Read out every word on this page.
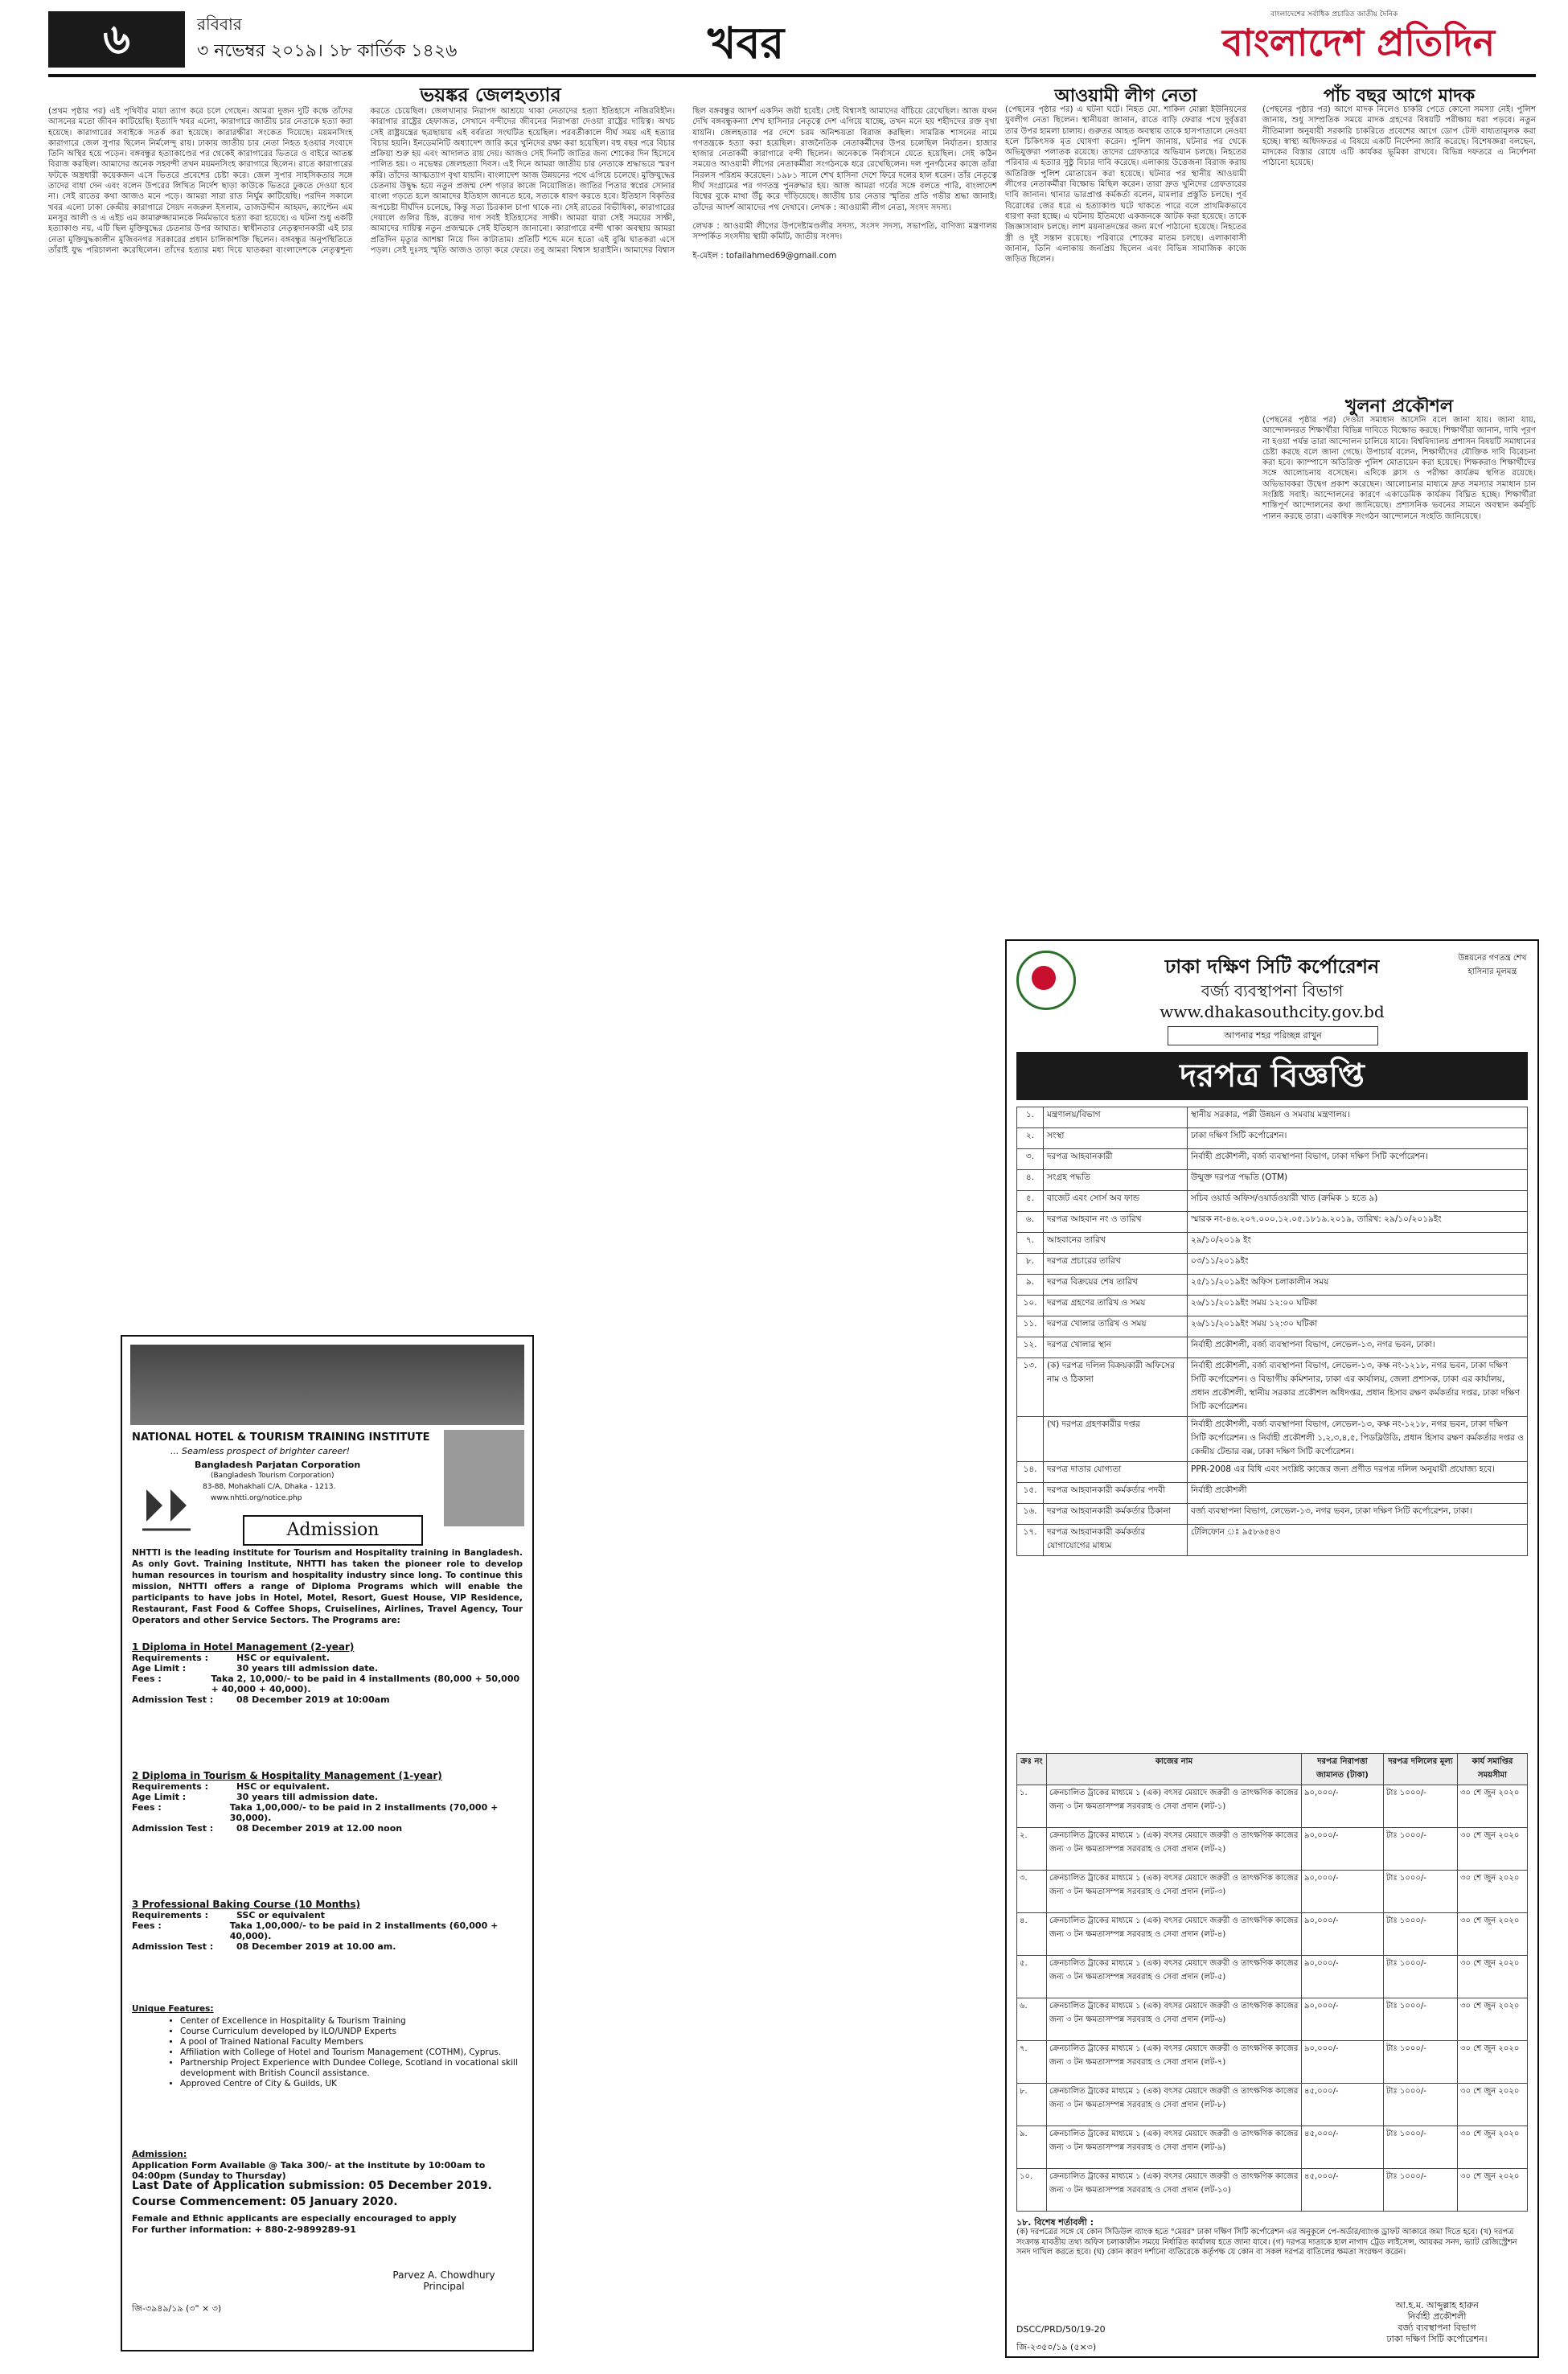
৬	রবিবার
৩ নভেম্বর ২০১৯। ১৮ কার্তিক ১৪২৬	খবর
বাংলাদেশের সর্বাধিক প্রচারিত জাতীয় দৈনিক
বাংলাদেশ প্রতিদিন
ভয়ঙ্কর জেলহত্যার
(প্রথম পৃষ্ঠার পর) এই পৃথিবীর মায়া ত্যাগ করে চলে গেছেন। আমরা দুজন দুটি কক্ষে তাঁদের আসনের মতো জীবন কাটিয়েছি। ইত্যাদি খবর এলো, কারাগারে জাতীয় চার নেতাকে হত্যা করা হয়েছে। কারাগারের সবাইকে সতর্ক করা হয়েছে। কারারক্ষীরা সংকেত দিয়েছে। ময়মনসিংহ কারাগারে জেল সুপার ছিলেন নির্মলেন্দু রায়। ঢাকায় জাতীয় চার নেতা নিহত হওয়ার সংবাদে তিনি অস্থির হয়ে পড়েন। বঙ্গবন্ধুর হত্যাকাণ্ডের পর থেকেই কারাগারের ভিতরে ও বাইরে আতঙ্ক বিরাজ করছিল। আমাদের অনেক সহবন্দী তখন ময়মনসিংহ কারাগারে ছিলেন। রাতে কারাগারের ফটকে অস্ত্রধারী কয়েকজন এসে ভিতরে প্রবেশের চেষ্টা করে। জেল সুপার সাহসিকতার সঙ্গে তাদের বাধা দেন এবং বলেন উপরের লিখিত নির্দেশ ছাড়া কাউকে ভিতরে ঢুকতে দেওয়া হবে না। সেই রাতের কথা আজও মনে পড়ে। আমরা সারা রাত নির্ঘুম কাটিয়েছি। পরদিন সকালে খবর এলো ঢাকা কেন্দ্রীয় কারাগারে সৈয়দ নজরুল ইসলাম, তাজউদ্দীন আহমদ, ক্যাপ্টেন এম মনসুর আলী ও এ এইচ এম কামারুজ্জামানকে নির্মমভাবে হত্যা করা হয়েছে। এ ঘটনা শুধু একটি হত্যাকাণ্ড নয়, এটি ছিল মুক্তিযুদ্ধের চেতনার উপর আঘাত। স্বাধীনতার নেতৃত্বদানকারী এই চার নেতা মুক্তিযুদ্ধকালীন মুজিবনগর সরকারের প্রধান চালিকাশক্তি ছিলেন। বঙ্গবন্ধুর অনুপস্থিতিতে তাঁরাই যুদ্ধ পরিচালনা করেছিলেন। তাঁদের হত্যার মধ্য দিয়ে ঘাতকরা বাংলাদেশকে নেতৃত্বশূন্য করতে চেয়েছিল। জেলখানার নিরাপদ আশ্রয়ে থাকা নেতাদের হত্যা ইতিহাসে নজিরবিহীন। কারাগার রাষ্ট্রের হেফাজত, সেখানে বন্দীদের জীবনের নিরাপত্তা দেওয়া রাষ্ট্রের দায়িত্ব। অথচ সেই রাষ্ট্রযন্ত্রের ছত্রছায়ায় এই বর্বরতা সংঘটিত হয়েছিল। পরবর্তীকালে দীর্ঘ সময় এই হত্যার বিচার হয়নি। ইনডেমনিটি অধ্যাদেশ জারি করে খুনিদের রক্ষা করা হয়েছিল। বহু বছর পরে বিচার প্রক্রিয়া শুরু হয় এবং আদালত রায় দেয়। আজও সেই দিনটি জাতির জন্য শোকের দিন হিসেবে পালিত হয়। ৩ নভেম্বর জেলহত্যা দিবস। এই দিনে আমরা জাতীয় চার নেতাকে শ্রদ্ধাভরে স্মরণ করি। তাঁদের আত্মত্যাগ বৃথা যায়নি। বাংলাদেশ আজ উন্নয়নের পথে এগিয়ে চলেছে। মুক্তিযুদ্ধের চেতনায় উদ্বুদ্ধ হয়ে নতুন প্রজন্ম দেশ গড়ার কাজে নিয়োজিত। জাতির পিতার স্বপ্নের সোনার বাংলা গড়তে হলে আমাদের ইতিহাস জানতে হবে, সত্যকে ধারণ করতে হবে। ইতিহাস বিকৃতির অপচেষ্টা দীর্ঘদিন চলেছে, কিন্তু সত্য চিরকাল চাপা থাকে না। সেই রাতের বিভীষিকা, কারাগারের দেয়ালে গুলির চিহ্ন, রক্তের দাগ সবই ইতিহাসের সাক্ষী। আমরা যারা সেই সময়ের সাক্ষী, আমাদের দায়িত্ব নতুন প্রজন্মকে সেই ইতিহাস জানানো। কারাগারে বন্দী থাকা অবস্থায় আমরা প্রতিদিন মৃত্যুর আশঙ্কা নিয়ে দিন কাটাতাম। প্রতিটি শব্দে মনে হতো এই বুঝি ঘাতকরা এসে পড়ল। সেই দুঃসহ স্মৃতি আজও তাড়া করে ফেরে। তবু আমরা বিশ্বাস হারাইনি। আমাদের বিশ্বাস ছিল বঙ্গবন্ধুর আদর্শ একদিন জয়ী হবেই। সেই বিশ্বাসই আমাদের বাঁচিয়ে রেখেছিল। আজ যখন দেখি বঙ্গবন্ধুকন্যা শেখ হাসিনার নেতৃত্বে দেশ এগিয়ে যাচ্ছে, তখন মনে হয় শহীদদের রক্ত বৃথা যায়নি। জেলহত্যার পর দেশে চরম অনিশ্চয়তা বিরাজ করছিল। সামরিক শাসনের নামে গণতন্ত্রকে হত্যা করা হয়েছিল। রাজনৈতিক নেতাকর্মীদের উপর চলেছিল নির্যাতন। হাজার হাজার নেতাকর্মী কারাগারে বন্দী ছিলেন। অনেককে নির্বাসনে যেতে হয়েছিল। সেই কঠিন সময়েও আওয়ামী লীগের নেতাকর্মীরা সংগঠনকে ধরে রেখেছিলেন। দল পুনর্গঠনের কাজে তাঁরা নিরলস পরিশ্রম করেছেন। ১৯৮১ সালে শেখ হাসিনা দেশে ফিরে দলের হাল ধরেন। তাঁর নেতৃত্বে দীর্ঘ সংগ্রামের পর গণতন্ত্র পুনরুদ্ধার হয়। আজ আমরা গর্বের সঙ্গে বলতে পারি, বাংলাদেশ বিশ্বের বুকে মাথা উঁচু করে দাঁড়িয়েছে। জাতীয় চার নেতার স্মৃতির প্রতি গভীর শ্রদ্ধা জানাই। তাঁদের আদর্শ আমাদের পথ দেখাবে। লেখক : আওয়ামী লীগ নেতা, সংসদ সদস্য।

লেখক : আওয়ামী লীগের উপদেষ্টামণ্ডলীর সদস্য, সংসদ সদস্য, সভাপতি, বাণিজ্য মন্ত্রণালয় সম্পর্কিত সংসদীয় স্থায়ী কমিটি, জাতীয় সংসদ।

ই-মেইল : tofailahmed69@gmail.com

আওয়ামী লীগ নেতা
(পেছনের পৃষ্ঠার পর) এ ঘটনা ঘটে। নিহত মো. শাকিল মোল্লা ইউনিয়নের যুবলীগ নেতা ছিলেন। স্থানীয়রা জানান, রাতে বাড়ি ফেরার পথে দুর্বৃত্তরা তার উপর হামলা চালায়। গুরুতর আহত অবস্থায় তাকে হাসপাতালে নেওয়া হলে চিকিৎসক মৃত ঘোষণা করেন। পুলিশ জানায়, ঘটনার পর থেকে অভিযুক্তরা পলাতক রয়েছে। তাদের গ্রেফতারে অভিযান চলছে। নিহতের পরিবার এ হত্যার সুষ্ঠু বিচার দাবি করেছে। এলাকায় উত্তেজনা বিরাজ করায় অতিরিক্ত পুলিশ মোতায়েন করা হয়েছে। ঘটনার পর স্থানীয় আওয়ামী লীগের নেতাকর্মীরা বিক্ষোভ মিছিল করেন। তারা দ্রুত খুনিদের গ্রেফতারের দাবি জানান। থানার ভারপ্রাপ্ত কর্মকর্তা বলেন, মামলার প্রস্তুতি চলছে। পূর্ব বিরোধের জের ধরে এ হত্যাকাণ্ড ঘটে থাকতে পারে বলে প্রাথমিকভাবে ধারণা করা হচ্ছে। এ ঘটনায় ইতিমধ্যে একজনকে আটক করা হয়েছে। তাকে জিজ্ঞাসাবাদ চলছে। লাশ ময়নাতদন্তের জন্য মর্গে পাঠানো হয়েছে। নিহতের স্ত্রী ও দুই সন্তান রয়েছে। পরিবারে শোকের মাতম চলছে। এলাকাবাসী জানান, তিনি এলাকায় জনপ্রিয় ছিলেন এবং বিভিন্ন সামাজিক কাজে জড়িত ছিলেন।
পাঁচ বছর আগে মাদক
(পেছনের পৃষ্ঠার পর) আগে মাদক নিলেও চাকরি পেতে কোনো সমস্যা নেই। পুলিশ জানায়, শুধু সাম্প্রতিক সময়ে মাদক গ্রহণের বিষয়টি পরীক্ষায় ধরা পড়বে। নতুন নীতিমালা অনুযায়ী সরকারি চাকরিতে প্রবেশের আগে ডোপ টেস্ট বাধ্যতামূলক করা হচ্ছে। স্বাস্থ্য অধিদফতর এ বিষয়ে একটি নির্দেশনা জারি করেছে। বিশেষজ্ঞরা বলছেন, মাদকের বিস্তার রোধে এটি কার্যকর ভূমিকা রাখবে। বিভিন্ন দফতরে এ নির্দেশনা পাঠানো হয়েছে।
খুলনা প্রকৌশল
(পেছনের পৃষ্ঠার পর) দেওয়া সমাধান আসেনি বলে জানা যায়। জানা যায়, আন্দোলনরত শিক্ষার্থীরা বিভিন্ন দাবিতে বিক্ষোভ করছে। শিক্ষার্থীরা জানান, দাবি পূরণ না হওয়া পর্যন্ত তারা আন্দোলন চালিয়ে যাবে। বিশ্ববিদ্যালয় প্রশাসন বিষয়টি সমাধানের চেষ্টা করছে বলে জানা গেছে। উপাচার্য বলেন, শিক্ষার্থীদের যৌক্তিক দাবি বিবেচনা করা হবে। ক্যাম্পাসে অতিরিক্ত পুলিশ মোতায়েন করা হয়েছে। শিক্ষকরাও শিক্ষার্থীদের সঙ্গে আলোচনায় বসেছেন। এদিকে ক্লাস ও পরীক্ষা কার্যক্রম স্থগিত রয়েছে। অভিভাবকরা উদ্বেগ প্রকাশ করেছেন। আলোচনার মাধ্যমে দ্রুত সমস্যার সমাধান চান সংশ্লিষ্ট সবাই। আন্দোলনের কারণে একাডেমিক কার্যক্রম বিঘ্নিত হচ্ছে। শিক্ষার্থীরা শান্তিপূর্ণ আন্দোলনের কথা জানিয়েছে। প্রশাসনিক ভবনের সামনে অবস্থান কর্মসূচি পালন করছে তারা। একাধিক সংগঠন আন্দোলনে সংহতি জানিয়েছে।
ঢাকা দক্ষিণ সিটি কর্পোরেশন
বর্জ্য ব্যবস্থাপনা বিভাগ
www.dhakasouthcity.gov.bd
আপনার শহর পরিচ্ছন্ন রাখুন
উন্নয়নের গণতন্ত্র শেখ হাসিনার মূলমন্ত্র
দরপত্র বিজ্ঞপ্তি
১.	মন্ত্রণালয়/বিভাগ	স্থানীয় সরকার, পল্লী উন্নয়ন ও সমবায় মন্ত্রণালয়।
২.	সংস্থা	ঢাকা দক্ষিণ সিটি কর্পোরেশন।
৩.	দরপত্র আহবানকারী	নির্বাহী প্রকৌশলী, বর্জ্য ব্যবস্থাপনা বিভাগ, ঢাকা দক্ষিণ সিটি কর্পোরেশন।
৪.	সংগ্রহ পদ্ধতি	উন্মুক্ত দরপত্র পদ্ধতি (OTM)
৫.	বাজেট এবং সোর্স অব ফান্ড	সচিব ওয়ার্ড অফিস/ওয়ার্ডওয়ারী খাত (ক্রমিক ১ হতে ৯)
৬.	দরপত্র আহবান নং ও তারিখ	স্মারক নং-৪৬.২০৭.০০০.১২.০৫.১৮১৯.২০১৯, তারিখ: ২৯/১০/২০১৯ইং
৭.	আহবানের তারিখ	২৯/১০/২০১৯ ইং
৮.	দরপত্র প্রচারের তারিখ	০৩/১১/২০১৯ইং
৯.	দরপত্র বিক্রয়ের শেষ তারিখ	২৫/১১/২০১৯ইং অফিস চলাকালীন সময়
১০.	দরপত্র গ্রহণের তারিখ ও সময়	২৬/১১/২০১৯ইং সময় ১২:০০ ঘটিকা
১১.	দরপত্র খোলার তারিখ ও সময়	২৬/১১/২০১৯ইং সময় ১২:৩০ ঘটিকা
১২.	দরপত্র খোলার স্থান	নির্বাহী প্রকৌশলী, বর্জ্য ব্যবস্থাপনা বিভাগ, লেভেল-১৩, নগর ভবন, ঢাকা।
১৩.	(ক) দরপত্র দলিল বিক্রয়কারী অফিসের নাম ও ঠিকানা	নির্বাহী প্রকৌশলী, বর্জ্য ব্যবস্থাপনা বিভাগ, লেভেল-১৩, কক্ষ নং-১২১৮, নগর ভবন, ঢাকা দক্ষিণ সিটি কর্পোরেশন। ও বিভাগীয় কমিশনার, ঢাকা এর কার্যালয়, জেলা প্রশাসক, ঢাকা এর কার্যালয়, প্রধান প্রকৌশলী, স্থানীয় সরকার প্রকৌশল অধিদপ্তর, প্রধান হিসাব রক্ষণ কর্মকর্তার দপ্তর, ঢাকা দক্ষিণ সিটি কর্পোরেশন।
	(খ) দরপত্র গ্রহণকারীর দপ্তর	নির্বাহী প্রকৌশলী, বর্জ্য ব্যবস্থাপনা বিভাগ, লেভেল-১৩, কক্ষ নং-১২১৮, নগর ভবন, ঢাকা দক্ষিণ সিটি কর্পোরেশন। ও নির্বাহী প্রকৌশলী ১,২,৩,৪,৫, পিডব্লিউডি, প্রধান হিসাব রক্ষণ কর্মকর্তার দপ্তর ও কেন্দ্রীয় টেন্ডার বক্স, ঢাকা দক্ষিণ সিটি কর্পোরেশন।
১৪.	দরপত্র দাতার যোগ্যতা	PPR-2008 এর বিধি এবং সংশ্লিষ্ট কাজের জন্য প্রণীত দরপত্র দলিল অনুযায়ী প্রযোজ্য হবে।
১৫.	দরপত্র আহবানকারী কর্মকর্তার পদবী	নির্বাহী প্রকৌশলী
১৬.	দরপত্র আহবানকারী কর্মকর্তার ঠিকানা	বর্জ্য ব্যবস্থাপনা বিভাগ, লেভেল-১৩, নগর ভবন, ঢাকা দক্ষিণ সিটি কর্পোরেশন, ঢাকা।
১৭.	দরপত্র আহবানকারী কর্মকর্তার যোগাযোগের মাধ্যম	টেলিফোন ঃ ৯৫৮৬৫৪৩
ক্রঃ নং	কাজের নাম	দরপত্র নিরাপত্তা জামানত (টাকা)	দরপত্র দলিলের মূল্য	কার্য সমাপ্তির সময়সীমা
১.	ক্রেনচালিত ট্রাকের মাধ্যমে ১ (এক) বৎসর মেয়াদে জরুরী ও তাৎক্ষণিক কাজের জন্য ৩ টন ক্ষমতাসম্পন্ন সরবরাহ ও সেবা প্রদান (লট-১)	৯০,০০০/-	টাঃ ১০০০/-	৩০ শে জুন ২০২০
২.	ক্রেনচালিত ট্রাকের মাধ্যমে ১ (এক) বৎসর মেয়াদে জরুরী ও তাৎক্ষণিক কাজের জন্য ৩ টন ক্ষমতাসম্পন্ন সরবরাহ ও সেবা প্রদান (লট-২)	৯০,০০০/-	টাঃ ১০০০/-	৩০ শে জুন ২০২০
৩.	ক্রেনচালিত ট্রাকের মাধ্যমে ১ (এক) বৎসর মেয়াদে জরুরী ও তাৎক্ষণিক কাজের জন্য ৩ টন ক্ষমতাসম্পন্ন সরবরাহ ও সেবা প্রদান (লট-৩)	৯০,০০০/-	টাঃ ১০০০/-	৩০ শে জুন ২০২০
৪.	ক্রেনচালিত ট্রাকের মাধ্যমে ১ (এক) বৎসর মেয়াদে জরুরী ও তাৎক্ষণিক কাজের জন্য ৩ টন ক্ষমতাসম্পন্ন সরবরাহ ও সেবা প্রদান (লট-৪)	৯০,০০০/-	টাঃ ১০০০/-	৩০ শে জুন ২০২০
৫.	ক্রেনচালিত ট্রাকের মাধ্যমে ১ (এক) বৎসর মেয়াদে জরুরী ও তাৎক্ষণিক কাজের জন্য ৩ টন ক্ষমতাসম্পন্ন সরবরাহ ও সেবা প্রদান (লট-৫)	৯০,০০০/-	টাঃ ১০০০/-	৩০ শে জুন ২০২০
৬.	ক্রেনচালিত ট্রাকের মাধ্যমে ১ (এক) বৎসর মেয়াদে জরুরী ও তাৎক্ষণিক কাজের জন্য ৩ টন ক্ষমতাসম্পন্ন সরবরাহ ও সেবা প্রদান (লট-৬)	৯০,০০০/-	টাঃ ১০০০/-	৩০ শে জুন ২০২০
৭.	ক্রেনচালিত ট্রাকের মাধ্যমে ১ (এক) বৎসর মেয়াদে জরুরী ও তাৎক্ষণিক কাজের জন্য ৩ টন ক্ষমতাসম্পন্ন সরবরাহ ও সেবা প্রদান (লট-৭)	৯০,০০০/-	টাঃ ১০০০/-	৩০ শে জুন ২০২০
৮.	ক্রেনচালিত ট্রাকের মাধ্যমে ১ (এক) বৎসর মেয়াদে জরুরী ও তাৎক্ষণিক কাজের জন্য ৩ টন ক্ষমতাসম্পন্ন সরবরাহ ও সেবা প্রদান (লট-৮)	৪৫,০০০/-	টাঃ ১০০০/-	৩০ শে জুন ২০২০
৯.	ক্রেনচালিত ট্রাকের মাধ্যমে ১ (এক) বৎসর মেয়াদে জরুরী ও তাৎক্ষণিক কাজের জন্য ৩ টন ক্ষমতাসম্পন্ন সরবরাহ ও সেবা প্রদান (লট-৯)	৪৫,০০০/-	টাঃ ১০০০/-	৩০ শে জুন ২০২০
১০.	ক্রেনচালিত ট্রাকের মাধ্যমে ১ (এক) বৎসর মেয়াদে জরুরী ও তাৎক্ষণিক কাজের জন্য ৩ টন ক্ষমতাসম্পন্ন সরবরাহ ও সেবা প্রদান (লট-১০)	৪৫,০০০/-	টাঃ ১০০০/-	৩০ শে জুন ২০২০
১৮. বিশেষ শর্তাবলী :
(ক) দরপত্রের সঙ্গে যে কোন সিডিউল ব্যাংক হতে "মেয়র" ঢাকা দক্ষিণ সিটি কর্পোরেশন এর অনুকূলে পে-অর্ডার/ব্যাংক ড্রাফট আকারে জমা দিতে হবে। (খ) দরপত্র সংক্রান্ত যাবতীয় তথ্য অফিস চলাকালীন সময়ে নির্ধারিত কার্যালয় হতে জানা যাবে। (গ) দরপত্র দাতাকে হাল নাগাদ ট্রেড লাইসেন্স, আয়কর সনদ, ভ্যাট রেজিস্ট্রেশন সনদ দাখিল করতে হবে। (ঘ) কোন কারণ দর্শানো ব্যতিরেকে কর্তৃপক্ষ যে কোন বা সকল দরপত্র বাতিলের ক্ষমতা সংরক্ষণ করেন।
আ.হ.ম. আব্দুল্লাহ হারুন
নির্বাহী প্রকৌশলী
বর্জ্য ব্যবস্থাপনা বিভাগ
ঢাকা দক্ষিণ সিটি কর্পোরেশন।
DSCC/PRD/50/19-20
জি-২৩৫০/১৯ (৫×৩)
NATIONAL HOTEL & TOURISM TRAINING INSTITUTE
... Seamless prospect of brighter career!
Bangladesh Parjatan Corporation
(Bangladesh Tourism Corporation)
83-88, Mohakhali C/A, Dhaka - 1213.
www.nhtti.org/notice.php
Admission
NHTTI is the leading institute for Tourism and Hospitality training in Bangladesh. As only Govt. Training Institute, NHTTI has taken the pioneer role to develop human resources in tourism and hospitality industry since long. To continue this mission, NHTTI offers a range of Diploma Programs which will enable the participants to have jobs in Hotel, Motel, Resort, Guest House, VIP Residence, Restaurant, Fast Food & Coffee Shops, Cruiselines, Airlines, Travel Agency, Tour Operators and other Service Sectors. The Programs are:
1 Diploma in Hotel Management (2-year)
Requirements :	HSC or equivalent.
Age Limit :	30 years till admission date.
Fees :	Taka 2, 10,000/- to be paid in 4 installments (80,000 + 50,000 + 40,000 + 40,000).
Admission Test :	08 December 2019 at 10:00am
2 Diploma in Tourism & Hospitality Management (1-year)
Requirements :	HSC or equivalent.
Age Limit :	30 years till admission date.
Fees :	Taka 1,00,000/- to be paid in 2 installments (70,000 + 30,000).
Admission Test :	08 December 2019 at 12.00 noon
3 Professional Baking Course (10 Months)
Requirements :	SSC or equivalent
Fees :	Taka 1,00,000/- to be paid in 2 installments (60,000 + 40,000).
Admission Test :	08 December 2019 at 10.00 am.
Unique Features:
• Center of Excellence in Hospitality & Tourism Training
• Course Curriculum developed by ILO/UNDP Experts
• A pool of Trained National Faculty Members
• Affiliation with College of Hotel and Tourism Management (COTHM), Cyprus.
• Partnership Project Experience with Dundee College, Scotland in vocational skill development with British Council assistance.
• Approved Centre of City & Guilds, UK
Admission:
Application Form Available @ Taka 300/- at the institute by 10:00am to 04:00pm (Sunday to Thursday)
Last Date of Application submission: 05 December 2019.
Course Commencement: 05 January 2020.
Female and Ethnic applicants are especially encouraged to apply
For further information: + 880-2-9899289-91
Parvez A. Chowdhury
Principal
জি-৩৯৪৯/১৯ (৩" × ৩)
